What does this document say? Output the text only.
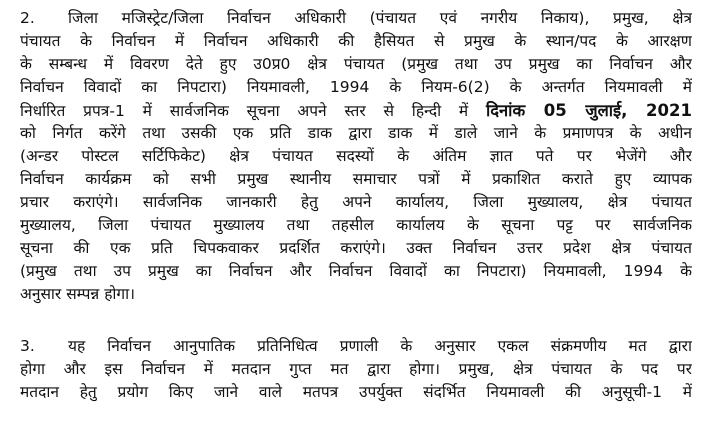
2. जिला मजिस्ट्रेट/जिला निर्वाचन अधिकारी (पंचायत एवं नगरीय निकाय), प्रमुख, क्षेत्र
पंचायत के निर्वाचन में निर्वाचन अधिकारी की हैसियत से प्रमुख के स्थान/पद के आरक्षण
के सम्बन्ध में विवरण देते हुए उ0प्र0 क्षेत्र पंचायत (प्रमुख तथा उप प्रमुख का निर्वाचन और
निर्वाचन विवादों का निपटारा) नियमावली, 1994 के नियम-6(2) के अन्तर्गत नियमावली में
निर्धारित प्रपत्र-1 में सार्वजनिक सूचना अपने स्तर से हिन्दी में दिनांक 05 जुलाई, 2021
को निर्गत करेंगे तथा उसकी एक प्रति डाक द्वारा डाक में डाले जाने के प्रमाणपत्र के अधीन
(अन्डर पोस्टल सर्टिफिकेट) क्षेत्र पंचायत सदस्यों के अंतिम ज्ञात पते पर भेजेंगे और
निर्वाचन कार्यक्रम को सभी प्रमुख स्थानीय समाचार पत्रों में प्रकाशित कराते हुए व्यापक
प्रचार कराएंगे। सार्वजनिक जानकारी हेतु अपने कार्यालय, जिला मुख्यालय, क्षेत्र पंचायत
मुख्यालय, जिला पंचायत मुख्यालय तथा तहसील कार्यालय के सूचना पट्ट पर सार्वजनिक
सूचना की एक प्रति चिपकवाकर प्रदर्शित कराएंगे। उक्त निर्वाचन उत्तर प्रदेश क्षेत्र पंचायत
(प्रमुख तथा उप प्रमुख का निर्वाचन और निर्वाचन विवादों का निपटारा) नियमावली, 1994 के
अनुसार सम्पन्न होगा।
3. यह निर्वाचन आनुपातिक प्रतिनिधित्व प्रणाली के अनुसार एकल संक्रमणीय मत द्वारा
होगा और इस निर्वाचन में मतदान गुप्त मत द्वारा होगा। प्रमुख, क्षेत्र पंचायत के पद पर
मतदान हेतु प्रयोग किए जाने वाले मतपत्र उपर्युक्त संदर्भित नियमावली की अनुसूची-1 में
